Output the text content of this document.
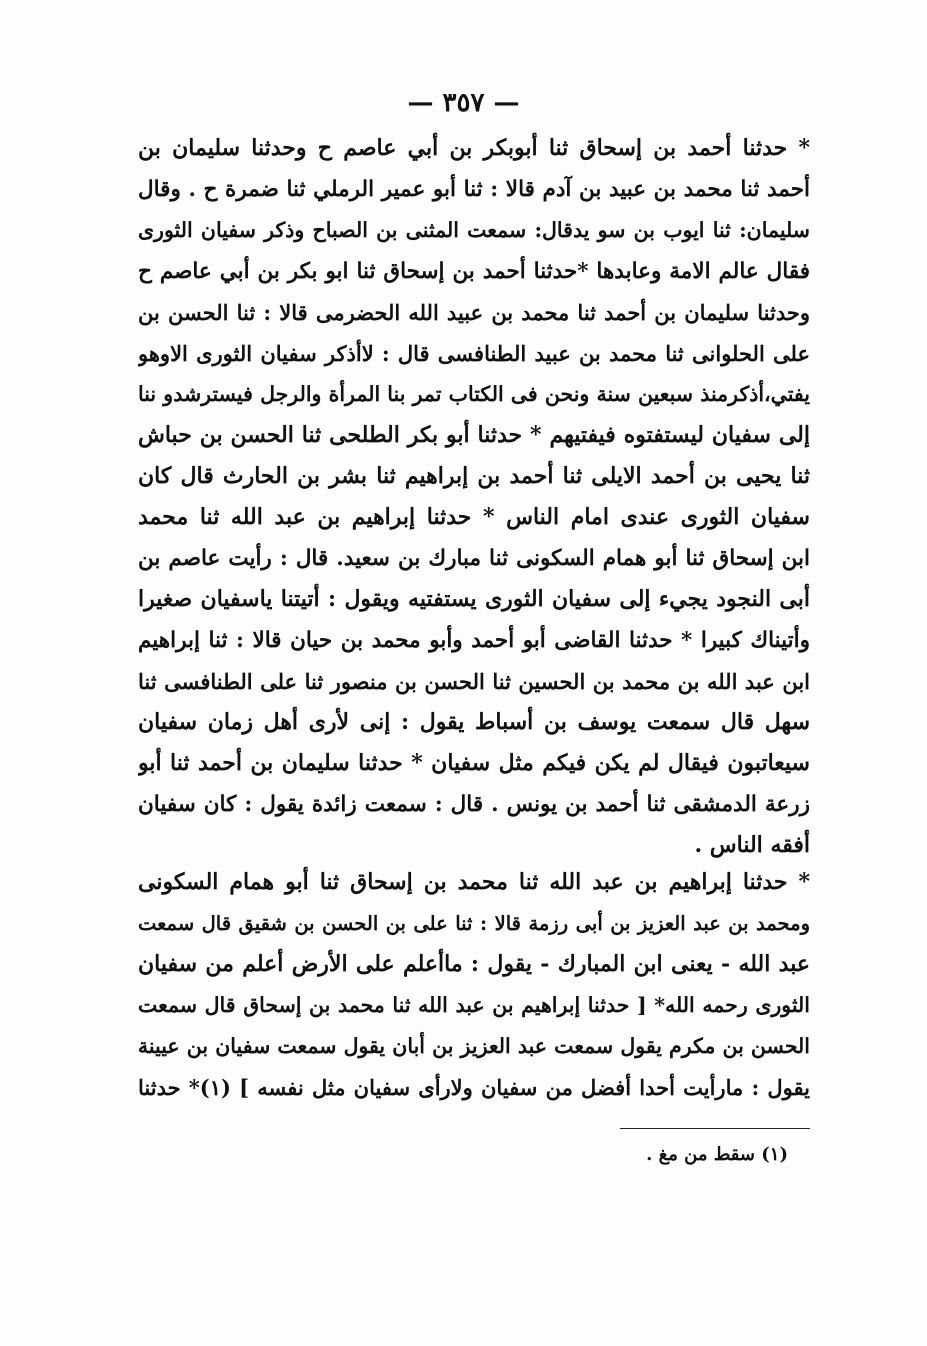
— ٣٥٧ —
* حدثنا أحمد بن إسحاق ثنا أبوبكر بن أبي عاصم ح وحدثنا سليمان بن
أحمد ثنا محمد بن عبيد بن آدم قالا : ثنا أبو عمير الرملي ثنا ضمرة ح . وقال
سليمان: ثنا ايوب بن سو يدقال: سمعت المثنى بن الصباح وذكر سفيان الثورى
فقال عالم الامة وعابدها *حدثنا أحمد بن إسحاق ثنا ابو بكر بن أبي عاصم ح
وحدثنا سليمان بن أحمد ثنا محمد بن عبيد الله الحضرمى قالا : ثنا الحسن بن
على الحلوانى ثنا محمد بن عبيد الطنافسى قال : لاأذكر سفيان الثورى الاوهو
يفتي،أذكرمنذ سبعين سنة ونحن فى الكتاب تمر بنا المرأة والرجل فيسترشدو ننا
إلى سفيان ليستفتوه فيفتيهم * حدثنا أبو بكر الطلحى ثنا الحسن بن حباش
ثنا يحيى بن أحمد الايلى ثنا أحمد بن إبراهيم ثنا بشر بن الحارث قال كان
سفيان الثورى عندى امام الناس * حدثنا إبراهيم بن عبد الله ثنا محمد
ابن إسحاق ثنا أبو همام السكونى ثنا مبارك بن سعيد. قال : رأيت عاصم بن
أبى النجود يجيء إلى سفيان الثورى يستفتيه ويقول : أتيتنا ياسفيان صغيرا
وأتيناك كبيرا * حدثنا القاضى أبو أحمد وأبو محمد بن حيان قالا : ثنا إبراهيم
ابن عبد الله بن محمد بن الحسين ثنا الحسن بن منصور ثنا على الطنافسى ثنا
سهل قال سمعت يوسف بن أسباط يقول : إنى لأرى أهل زمان سفيان
سيعاتبون فيقال لم يكن فيكم مثل سفيان * حدثنا سليمان بن أحمد ثنا أبو
زرعة الدمشقى ثنا أحمد بن يونس . قال : سمعت زائدة يقول : كان سفيان
أفقه الناس .
* حدثنا إبراهيم بن عبد الله ثنا محمد بن إسحاق ثنا أبو همام السكونى
ومحمد بن عبد العزيز بن أبى رزمة قالا : ثنا على بن الحسن بن شقيق قال سمعت
عبد الله - يعنى ابن المبارك - يقول : ماأعلم على الأرض أعلم من سفيان
الثورى رحمه الله* [ حدثنا إبراهيم بن عبد الله ثنا محمد بن إسحاق قال سمعت
الحسن بن مكرم يقول سمعت عبد العزيز بن أبان يقول سمعت سفيان بن عيينة
يقول : مارأيت أحدا أفضل من سفيان ولارأى سفيان مثل نفسه ] (١)* حدثنا
(١) سقط من مغ .
